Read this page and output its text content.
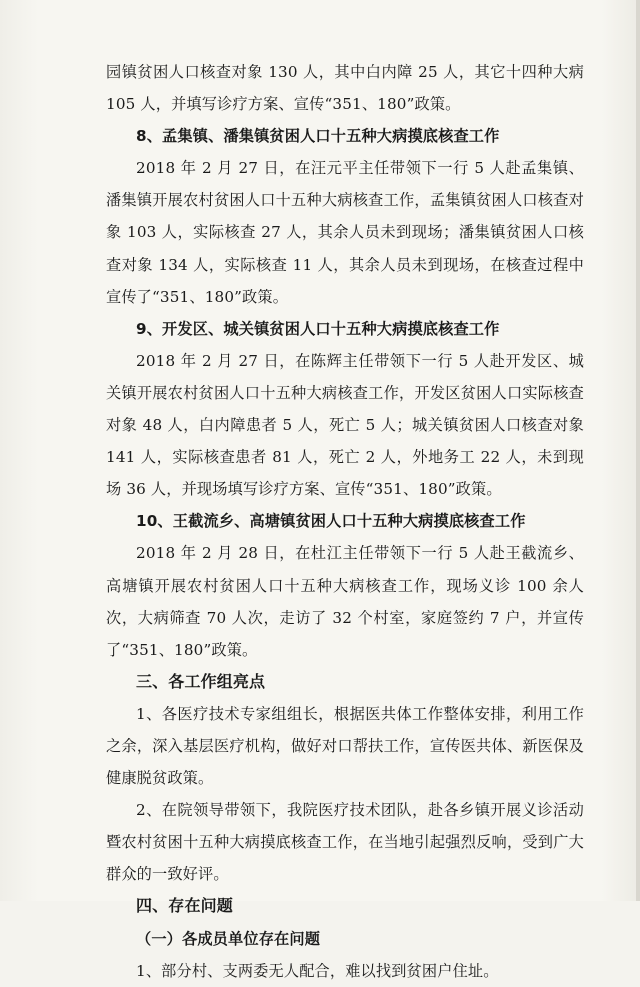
园镇贫困人口核查对象 130 人，其中白内障 25 人，其它十四种大病 105 人，并填写诊疗方案、宣传“351、180”政策。

8、孟集镇、潘集镇贫困人口十五种大病摸底核查工作

2018 年 2 月 27 日，在汪元平主任带领下一行 5 人赴孟集镇、潘集镇开展农村贫困人口十五种大病核查工作，孟集镇贫困人口核查对象 103 人，实际核查 27 人，其余人员未到现场；潘集镇贫困人口核查对象 134 人，实际核查 11 人，其余人员未到现场，在核查过程中宣传了“351、180”政策。

9、开发区、城关镇贫困人口十五种大病摸底核查工作

2018 年 2 月 27 日，在陈辉主任带领下一行 5 人赴开发区、城关镇开展农村贫困人口十五种大病核查工作，开发区贫困人口实际核查对象 48 人，白内障患者 5 人，死亡 5 人；城关镇贫困人口核查对象 141 人，实际核查患者 81 人，死亡 2 人，外地务工 22 人，未到现场 36 人，并现场填写诊疗方案、宣传“351、180”政策。

10、王截流乡、高塘镇贫困人口十五种大病摸底核查工作

2018 年 2 月 28 日，在杜江主任带领下一行 5 人赴王截流乡、高塘镇开展农村贫困人口十五种大病核查工作，现场义诊 100 余人次，大病筛查 70 人次，走访了 32 个村室，家庭签约 7 户，并宣传了“351、180”政策。

三、各工作组亮点

1、各医疗技术专家组组长，根据医共体工作整体安排，利用工作之余，深入基层医疗机构，做好对口帮扶工作，宣传医共体、新医保及健康脱贫政策。

2、在院领导带领下，我院医疗技术团队，赴各乡镇开展义诊活动暨农村贫困十五种大病摸底核查工作，在当地引起强烈反响，受到广大群众的一致好评。

四、存在问题

（一）各成员单位存在问题

1、部分村、支两委无人配合，难以找到贫困户住址。
